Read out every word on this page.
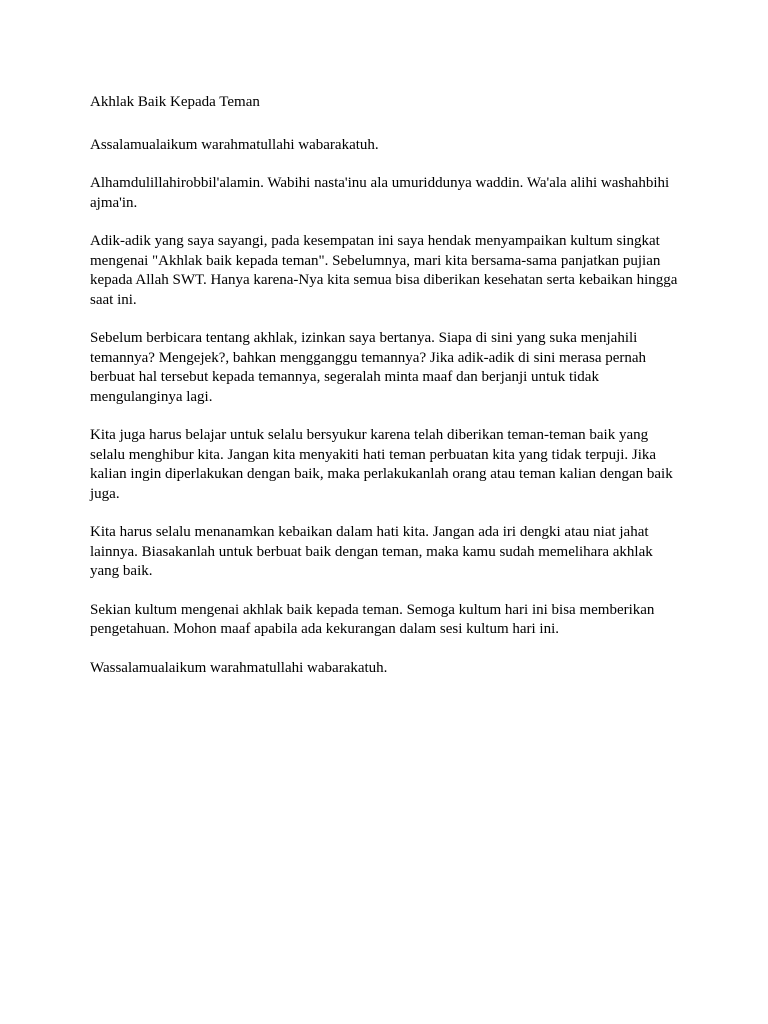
Akhlak Baik Kepada Teman

Assalamualaikum warahmatullahi wabarakatuh.

Alhamdulillahirobbil'alamin. Wabihi nasta'inu ala umuriddunya waddin. Wa'ala alihi washahbihi ajma'in.

Adik-adik yang saya sayangi, pada kesempatan ini saya hendak menyampaikan kultum singkat mengenai "Akhlak baik kepada teman". Sebelumnya, mari kita bersama-sama panjatkan pujian kepada Allah SWT. Hanya karena-Nya kita semua bisa diberikan kesehatan serta kebaikan hingga saat ini.

Sebelum berbicara tentang akhlak, izinkan saya bertanya. Siapa di sini yang suka menjahili temannya? Mengejek?, bahkan mengganggu temannya? Jika adik-adik di sini merasa pernah berbuat hal tersebut kepada temannya, segeralah minta maaf dan berjanji untuk tidak mengulanginya lagi.

Kita juga harus belajar untuk selalu bersyukur karena telah diberikan teman-teman baik yang selalu menghibur kita. Jangan kita menyakiti hati teman perbuatan kita yang tidak terpuji. Jika kalian ingin diperlakukan dengan baik, maka perlakukanlah orang atau teman kalian dengan baik juga.

Kita harus selalu menanamkan kebaikan dalam hati kita. Jangan ada iri dengki atau niat jahat lainnya. Biasakanlah untuk berbuat baik dengan teman, maka kamu sudah memelihara akhlak yang baik.

Sekian kultum mengenai akhlak baik kepada teman. Semoga kultum hari ini bisa memberikan pengetahuan. Mohon maaf apabila ada kekurangan dalam sesi kultum hari ini.

Wassalamualaikum warahmatullahi wabarakatuh.
